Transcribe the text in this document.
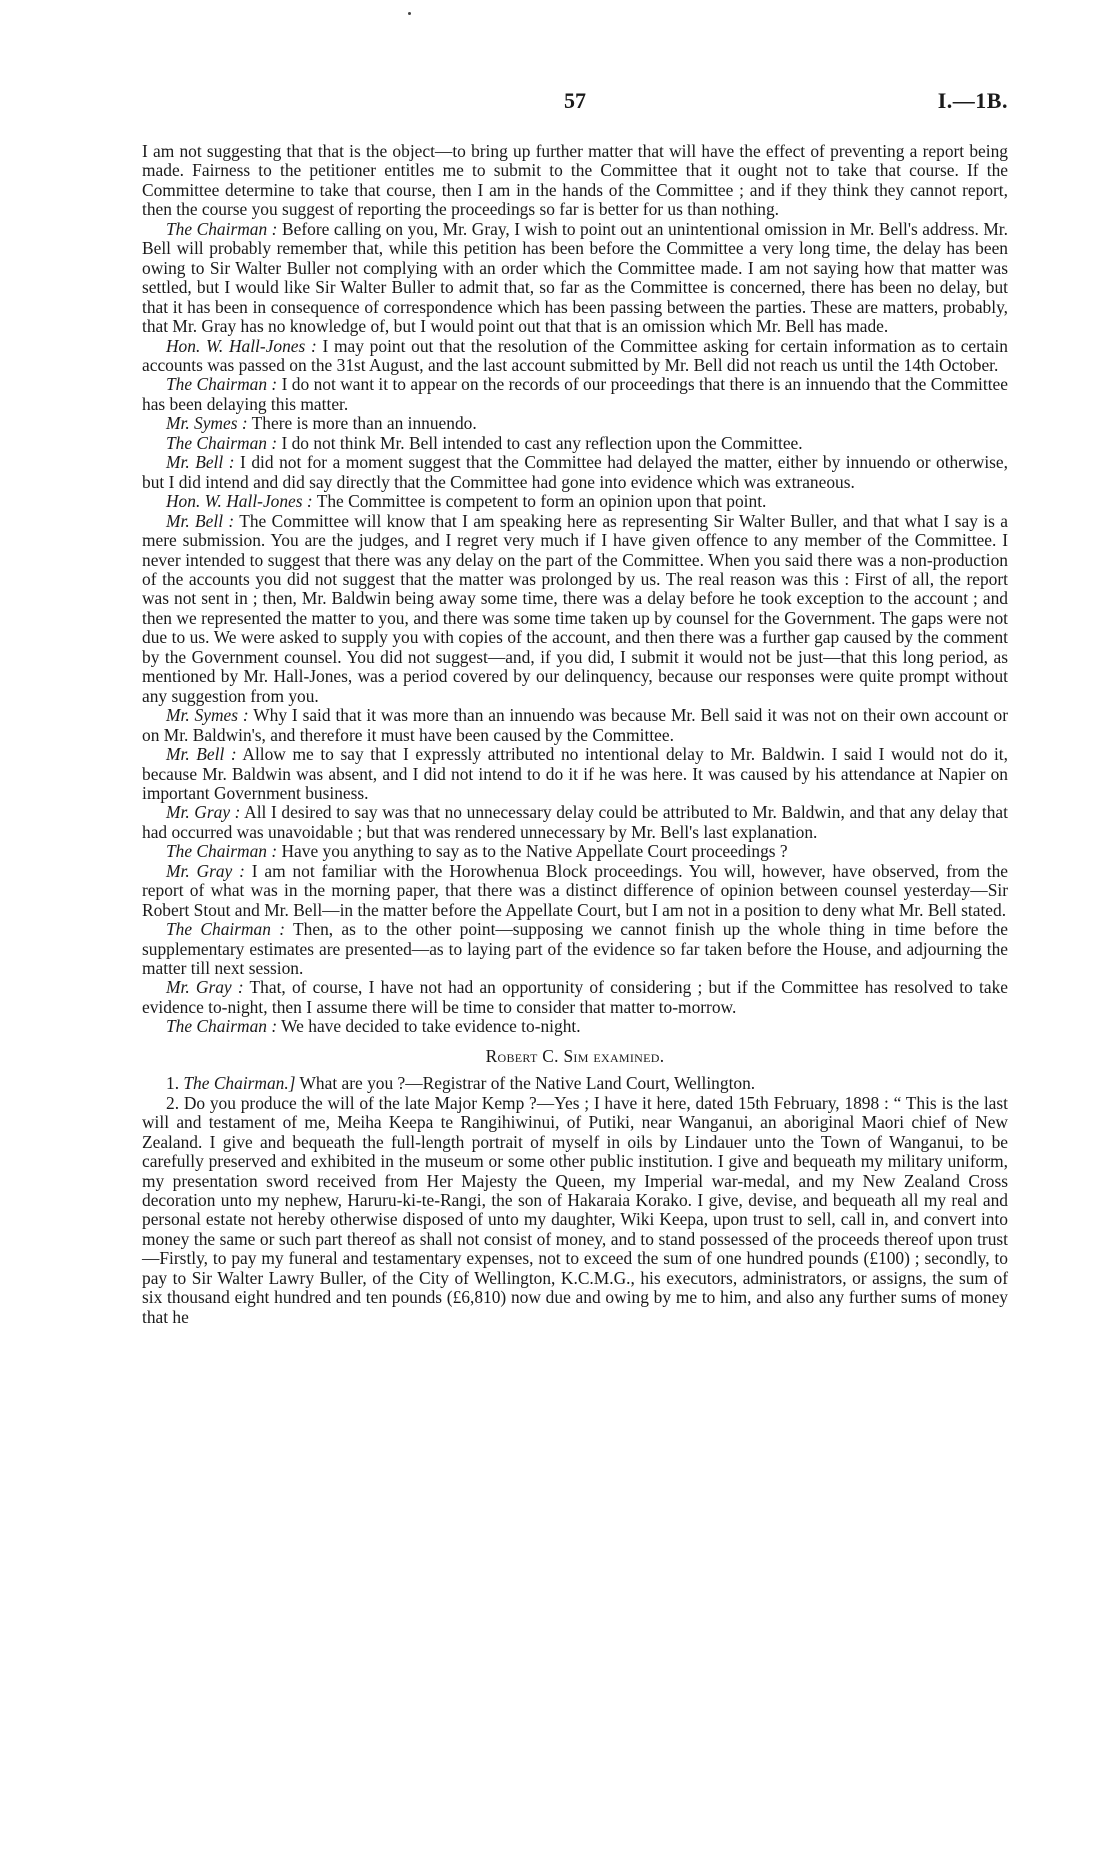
57	I.—1B.

I am not suggesting that that is the object—to bring up further matter that will have the effect of preventing a report being made. Fairness to the petitioner entitles me to submit to the Committee that it ought not to take that course. If the Committee determine to take that course, then I am in the hands of the Committee ; and if they think they cannot report, then the course you suggest of reporting the proceedings so far is better for us than nothing.

The Chairman : Before calling on you, Mr. Gray, I wish to point out an unintentional omission in Mr. Bell's address. Mr. Bell will probably remember that, while this petition has been before the Committee a very long time, the delay has been owing to Sir Walter Buller not complying with an order which the Committee made. I am not saying how that matter was settled, but I would like Sir Walter Buller to admit that, so far as the Committee is concerned, there has been no delay, but that it has been in consequence of correspondence which has been passing between the parties. These are matters, probably, that Mr. Gray has no knowledge of, but I would point out that that is an omission which Mr. Bell has made.

Hon. W. Hall-Jones : I may point out that the resolution of the Committee asking for certain information as to certain accounts was passed on the 31st August, and the last account submitted by Mr. Bell did not reach us until the 14th October.

The Chairman : I do not want it to appear on the records of our proceedings that there is an innuendo that the Committee has been delaying this matter.

Mr. Symes : There is more than an innuendo.

The Chairman : I do not think Mr. Bell intended to cast any reflection upon the Committee.

Mr. Bell : I did not for a moment suggest that the Committee had delayed the matter, either by innuendo or otherwise, but I did intend and did say directly that the Committee had gone into evidence which was extraneous.

Hon. W. Hall-Jones : The Committee is competent to form an opinion upon that point.

Mr. Bell : The Committee will know that I am speaking here as representing Sir Walter Buller, and that what I say is a mere submission. You are the judges, and I regret very much if I have given offence to any member of the Committee. I never intended to suggest that there was any delay on the part of the Committee. When you said there was a non-production of the accounts you did not suggest that the matter was prolonged by us. The real reason was this : First of all, the report was not sent in ; then, Mr. Baldwin being away some time, there was a delay before he took exception to the account ; and then we represented the matter to you, and there was some time taken up by counsel for the Government. The gaps were not due to us. We were asked to supply you with copies of the account, and then there was a further gap caused by the comment by the Government counsel. You did not suggest—and, if you did, I submit it would not be just—that this long period, as mentioned by Mr. Hall-Jones, was a period covered by our delinquency, because our responses were quite prompt without any suggestion from you.

Mr. Symes : Why I said that it was more than an innuendo was because Mr. Bell said it was not on their own account or on Mr. Baldwin's, and therefore it must have been caused by the Committee.

Mr. Bell : Allow me to say that I expressly attributed no intentional delay to Mr. Baldwin. I said I would not do it, because Mr. Baldwin was absent, and I did not intend to do it if he was here. It was caused by his attendance at Napier on important Government business.

Mr. Gray : All I desired to say was that no unnecessary delay could be attributed to Mr. Baldwin, and that any delay that had occurred was unavoidable ; but that was rendered unnecessary by Mr. Bell's last explanation.

The Chairman : Have you anything to say as to the Native Appellate Court proceedings ?

Mr. Gray : I am not familiar with the Horowhenua Block proceedings. You will, however, have observed, from the report of what was in the morning paper, that there was a distinct difference of opinion between counsel yesterday—Sir Robert Stout and Mr. Bell—in the matter before the Appellate Court, but I am not in a position to deny what Mr. Bell stated.

The Chairman : Then, as to the other point—supposing we cannot finish up the whole thing in time before the supplementary estimates are presented—as to laying part of the evidence so far taken before the House, and adjourning the matter till next session.

Mr. Gray : That, of course, I have not had an opportunity of considering ; but if the Committee has resolved to take evidence to-night, then I assume there will be time to consider that matter to-morrow.

The Chairman : We have decided to take evidence to-night.

Robert C. Sim examined.

1. The Chairman.] What are you ?—Registrar of the Native Land Court, Wellington.

2. Do you produce the will of the late Major Kemp ?—Yes ; I have it here, dated 15th February, 1898 : “ This is the last will and testament of me, Meiha Keepa te Rangihiwinui, of Putiki, near Wanganui, an aboriginal Maori chief of New Zealand. I give and bequeath the full-length portrait of myself in oils by Lindauer unto the Town of Wanganui, to be carefully preserved and exhibited in the museum or some other public institution. I give and bequeath my military uniform, my presentation sword received from Her Majesty the Queen, my Imperial war-medal, and my New Zealand Cross decoration unto my nephew, Haruru-ki-te-Rangi, the son of Hakaraia Korako. I give, devise, and bequeath all my real and personal estate not hereby otherwise disposed of unto my daughter, Wiki Keepa, upon trust to sell, call in, and convert into money the same or such part thereof as shall not consist of money, and to stand possessed of the proceeds thereof upon trust—Firstly, to pay my funeral and testamentary expenses, not to exceed the sum of one hundred pounds (£100) ; secondly, to pay to Sir Walter Lawry Buller, of the City of Wellington, K.C.M.G., his executors, administrators, or assigns, the sum of six thousand eight hundred and ten pounds (£6,810) now due and owing by me to him, and also any further sums of money that he
